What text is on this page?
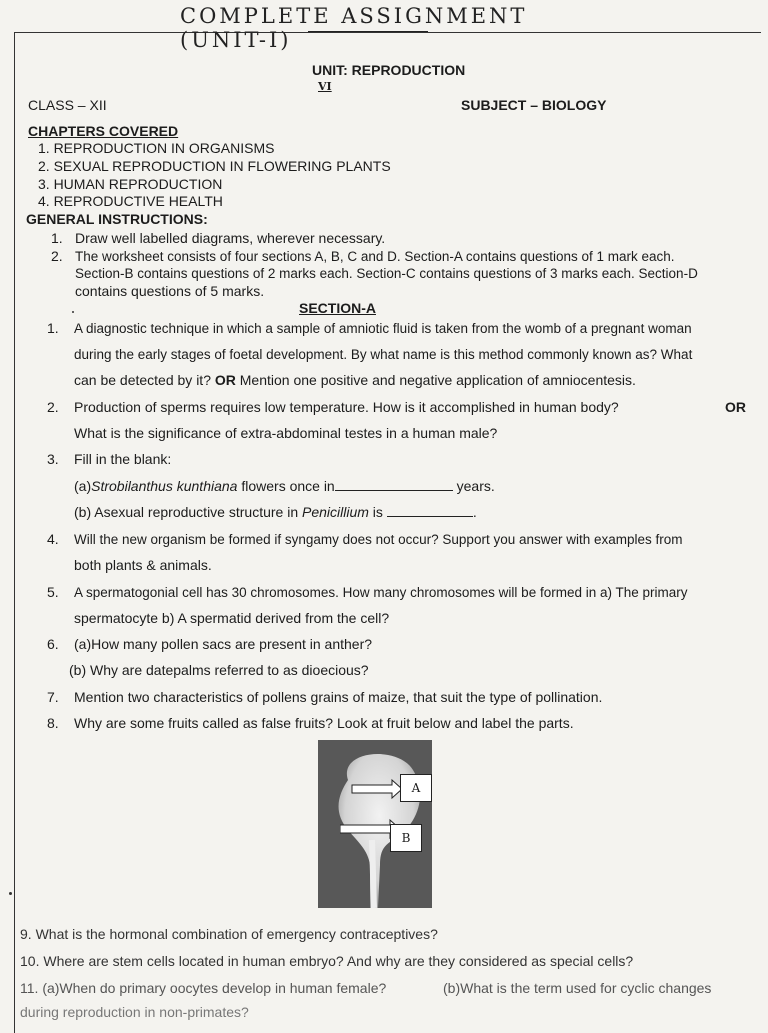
COMPLETE ASSIGNMENT (UNIT-I)
UNIT: REPRODUCTION
VI
CLASS – XII	SUBJECT – BIOLOGY
CHAPTERS COVERED
1. REPRODUCTION IN ORGANISMS
2. SEXUAL REPRODUCTION IN FLOWERING PLANTS
3. HUMAN REPRODUCTION
4. REPRODUCTIVE HEALTH
GENERAL INSTRUCTIONS:
1. Draw well labelled diagrams, wherever necessary.
2. The worksheet consists of four sections A, B, C and D. Section-A contains questions of 1 mark each.
Section-B contains questions of 2 marks each. Section-C contains questions of 3 marks each. Section-D
contains questions of 5 marks.
SECTION-A
1. A diagnostic technique in which a sample of amniotic fluid is taken from the womb of a pregnant woman
during the early stages of foetal development. By what name is this method commonly known as? What
can be detected by it? OR Mention one positive and negative application of amniocentesis.
2. Production of sperms requires low temperature. How is it accomplished in human body?	OR
What is the significance of extra-abdominal testes in a human male?
3. Fill in the blank:
(a)Strobilanthus kunthiana flowers once in	years.
(b) Asexual reproductive structure in Penicillium is	.
4. Will the new organism be formed if syngamy does not occur? Support you answer with examples from
both plants & animals.
5. A spermatogonial cell has 30 chromosomes. How many chromosomes will be formed in a) The primary
spermatocyte b) A spermatid derived from the cell?
6. (a)How many pollen sacs are present in anther?
(b) Why are datepalms referred to as dioecious?
7. Mention two characteristics of pollens grains of maize, that suit the type of pollination.
8. Why are some fruits called as false fruits? Look at fruit below and label the parts.
A
B
9. What is the hormonal combination of emergency contraceptives?
10. Where are stem cells located in human embryo? And why are they considered as special cells?
11. (a)When do primary oocytes develop in human female?	(b)What is the term used for cyclic changes
during reproduction in non-primates?
